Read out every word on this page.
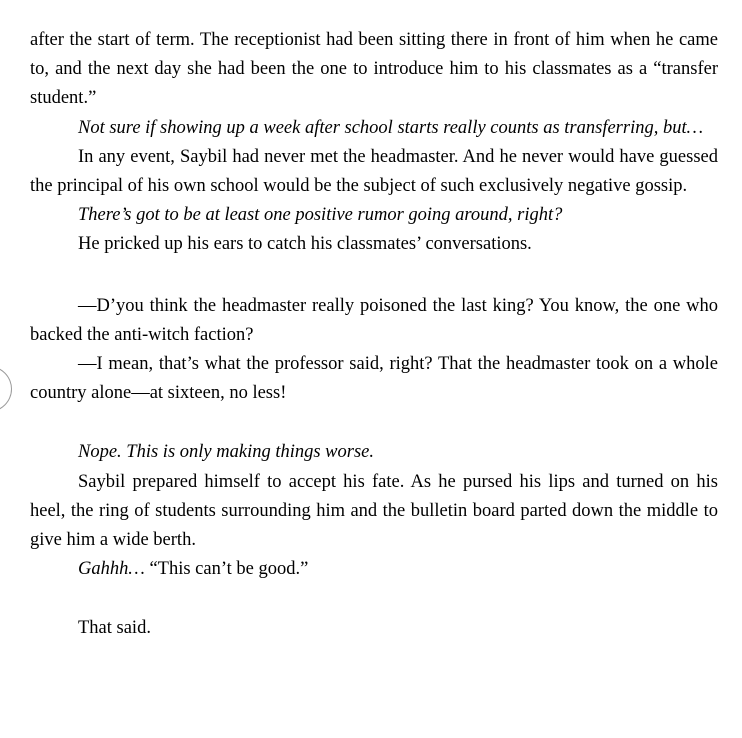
after the start of term. The receptionist had been sitting there in front of him when he came to, and the next day she had been the one to introduce him to his classmates as a “transfer student.”

Not sure if showing up a week after school starts really counts as transferring, but…

In any event, Saybil had never met the headmaster. And he never would have guessed the principal of his own school would be the subject of such exclusively negative gossip.

There’s got to be at least one positive rumor going around, right?

He pricked up his ears to catch his classmates’ conversations.

—D’you think the headmaster really poisoned the last king? You know, the one who backed the anti-witch faction?

—I mean, that’s what the professor said, right? That the headmaster took on a whole country alone—at sixteen, no less!

Nope. This is only making things worse.

Saybil prepared himself to accept his fate. As he pursed his lips and turned on his heel, the ring of students surrounding him and the bulletin board parted down the middle to give him a wide berth.

Gahhh… “This can’t be good.”

That said.
